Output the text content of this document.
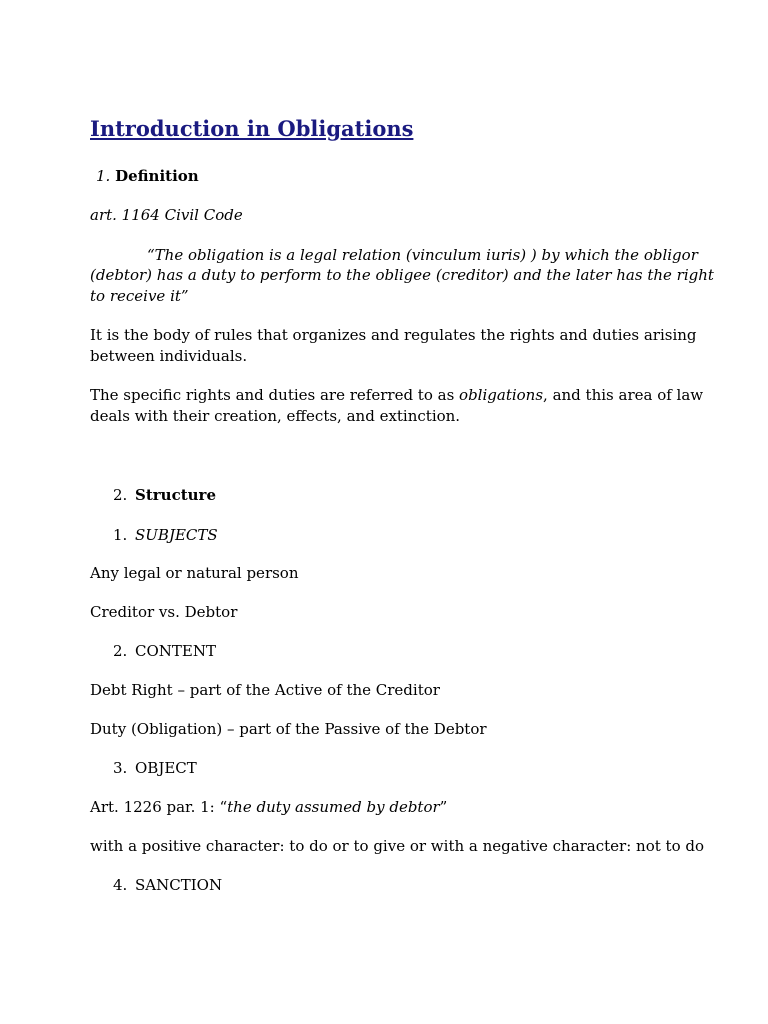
Introduction in Obligations
1. Definition
art. 1164 Civil Code
“The obligation is a legal relation (vinculum iuris) ) by which the obligor
(debtor) has a duty to perform to the obligee (creditor) and the later has the right
to receive it”
It is the body of rules that organizes and regulates the rights and duties arising
between individuals.
The specific rights and duties are referred to as obligations, and this area of law
deals with their creation, effects, and extinction.
2. Structure
1. SUBJECTS
Any legal or natural person
Creditor vs. Debtor
2. CONTENT
Debt Right – part of the Active of the Creditor
Duty (Obligation) – part of the Passive of the Debtor
3. OBJECT
Art. 1226 par. 1: “the duty assumed by debtor”
with a positive character: to do or to give or with a negative character: not to do
4. SANCTION
